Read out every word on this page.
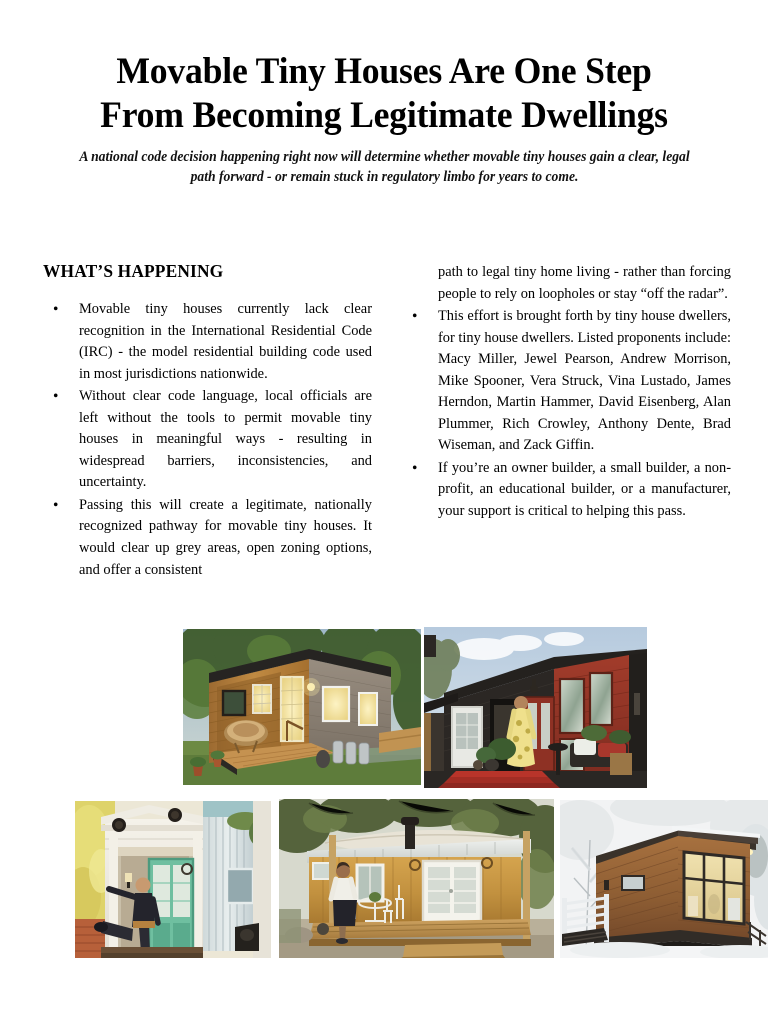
Movable Tiny Houses Are One Step
From Becoming Legitimate Dwellings

A national code decision happening right now will determine whether movable tiny houses gain a clear, legal path forward - or remain stuck in regulatory limbo for years to come.

WHAT’S HAPPENING
• Movable tiny houses currently lack clear recognition in the International Residential Code (IRC) - the model residential building code used in most jurisdictions nationwide.
• Without clear code language, local officials are left without the tools to permit movable tiny houses in meaningful ways - resulting in widespread barriers, inconsistencies, and uncertainty.
• Passing this will create a legitimate, nationally recognized pathway for movable tiny houses. It would clear up grey areas, open zoning options, and offer a consistent

path to legal tiny home living - rather than forcing people to rely on loopholes or stay “off the radar”.

• This effort is brought forth by tiny house dwellers, for tiny house dwellers. Listed proponents include: Macy Miller, Jewel Pearson, Andrew Morrison, Mike Spooner, Vera Struck, Vina Lustado, James Herndon, Martin Hammer, David Eisenberg, Alan Plummer, Rich Crowley, Anthony Dente, Brad Wiseman, and Zack Giffin.
• If you’re an owner builder, a small builder, a non-profit, an educational builder, or a manufacturer, your support is critical to helping this pass.
